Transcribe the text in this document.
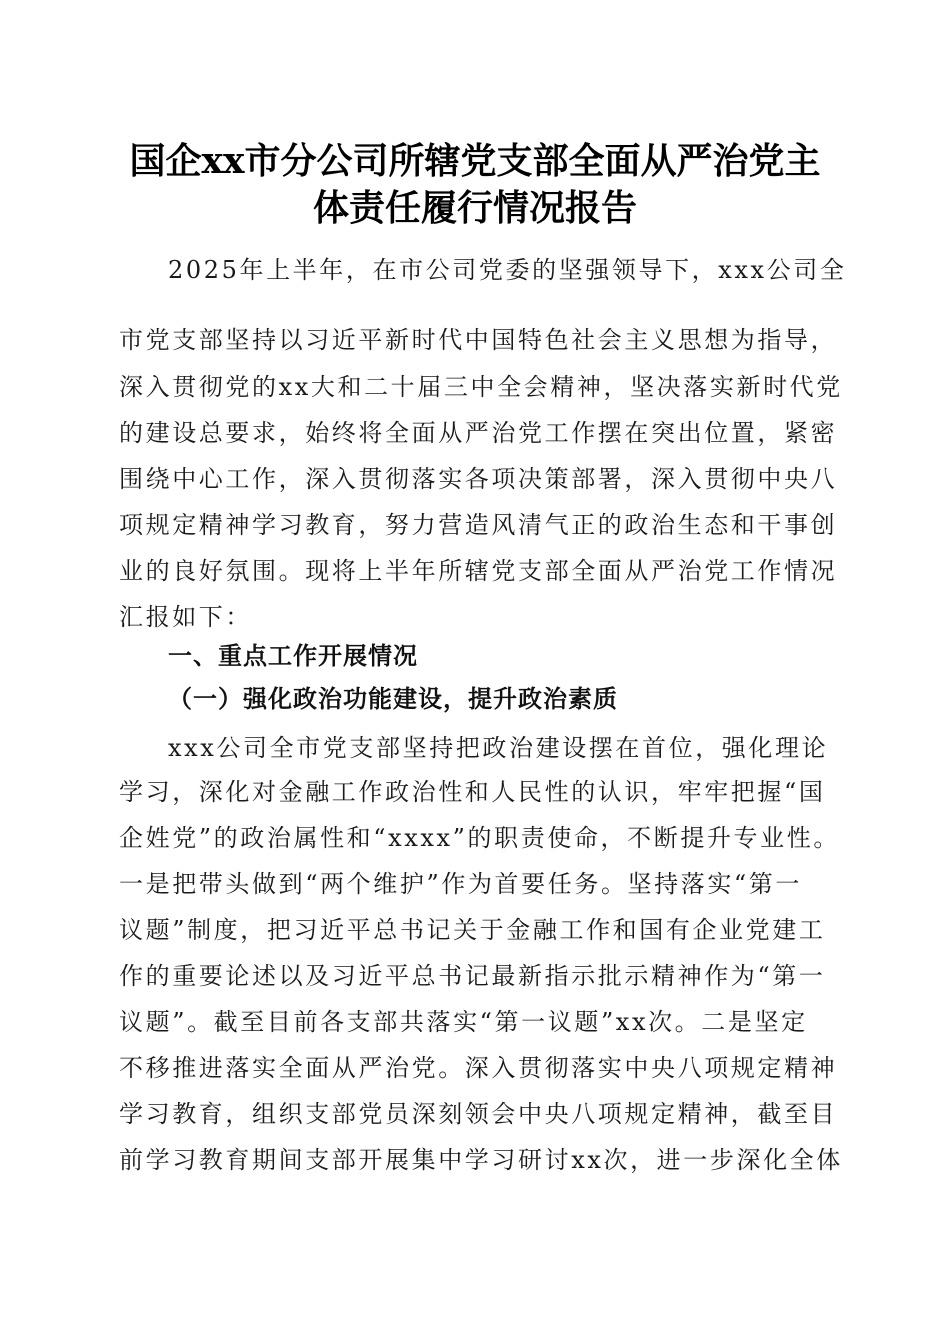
国企xx市分公司所辖党支部全面从严治党主
体责任履行情况报告
2025年上半年，在市公司党委的坚强领导下，xxx公司全
市党支部坚持以习近平新时代中国特色社会主义思想为指导，
深入贯彻党的xx大和二十届三中全会精神，坚决落实新时代党
的建设总要求，始终将全面从严治党工作摆在突出位置，紧密
围绕中心工作，深入贯彻落实各项决策部署，深入贯彻中央八
项规定精神学习教育，努力营造风清气正的政治生态和干事创
业的良好氛围。现将上半年所辖党支部全面从严治党工作情况
汇报如下：
一、重点工作开展情况
（一）强化政治功能建设，提升政治素质
xxx公司全市党支部坚持把政治建设摆在首位，强化理论
学习，深化对金融工作政治性和人民性的认识，牢牢把握“国
企姓党”的政治属性和“xxxx”的职责使命，不断提升专业性。
一是把带头做到“两个维护”作为首要任务。坚持落实“第一
议题”制度，把习近平总书记关于金融工作和国有企业党建工
作的重要论述以及习近平总书记最新指示批示精神作为“第一
议题”。截至目前各支部共落实“第一议题”xx次。二是坚定
不移推进落实全面从严治党。深入贯彻落实中央八项规定精神
学习教育，组织支部党员深刻领会中央八项规定精神，截至目
前学习教育期间支部开展集中学习研讨xx次，进一步深化全体
